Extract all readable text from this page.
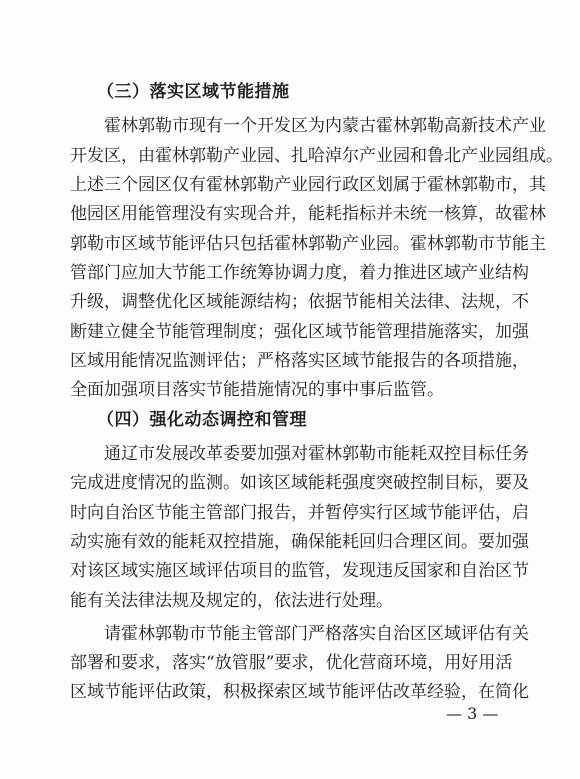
（三）落实区域节能措施
霍林郭勒市现有一个开发区为内蒙古霍林郭勒高新技术产业
开发区，由霍林郭勒产业园、扎哈淖尔产业园和鲁北产业园组成。
上述三个园区仅有霍林郭勒产业园行政区划属于霍林郭勒市，其
他园区用能管理没有实现合并，能耗指标并未统一核算，故霍林
郭勒市区域节能评估只包括霍林郭勒产业园。霍林郭勒市节能主
管部门应加大节能工作统筹协调力度，着力推进区域产业结构
升级，调整优化区域能源结构；依据节能相关法律、法规，不
断建立健全节能管理制度；强化区域节能管理措施落实，加强
区域用能情况监测评估；严格落实区域节能报告的各项措施，
全面加强项目落实节能措施情况的事中事后监管。
（四）强化动态调控和管理
通辽市发展改革委要加强对霍林郭勒市能耗双控目标任务
完成进度情况的监测。如该区域能耗强度突破控制目标，要及
时向自治区节能主管部门报告，并暂停实行区域节能评估，启
动实施有效的能耗双控措施，确保能耗回归合理区间。要加强
对该区域实施区域评估项目的监管，发现违反国家和自治区节
能有关法律法规及规定的，依法进行处理。
请霍林郭勒市节能主管部门严格落实自治区区域评估有关
部署和要求，落实“放管服”要求，优化营商环境，用好用活
区域节能评估政策，积极探索区域节能评估改革经验，在简化
— 3 —
